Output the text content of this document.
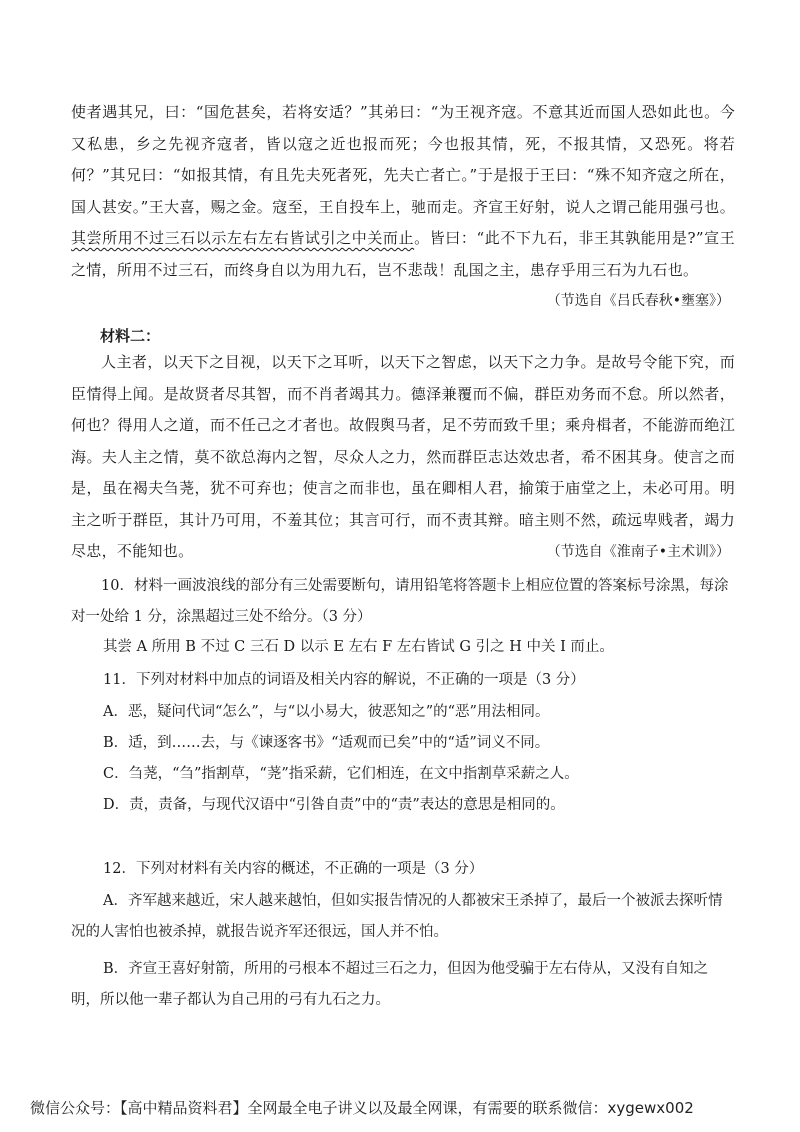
使者遇其兄，曰：“国危甚矣，若将安适？”其弟曰：“为王视齐寇。不意其近而国人恐如此也。今又私患，乡之先视齐寇者，皆以寇之近也报而死；今也报其情，死，不报其情，又恐死。将若何？”其兄曰：“如报其情，有且先夫死者死，先夫亡者亡。”于是报于王曰：“殊不知齐寇之所在，国人甚安。”王大喜，赐之金。寇至，王自投车上，驰而走。齐宣王好射，说人之谓己能用强弓也。其尝所用不过三石以示左右左右皆试引之中关而止。皆曰：“此不下九石，非王其孰能用是?”宣王之情，所用不过三石，而终身自以为用九石，岂不悲哉！乱国之主，患存乎用三石为九石也。

（节选自《吕氏春秋•壅塞》）

材料二：

人主者，以天下之目视，以天下之耳听，以天下之智虑，以天下之力争。是故号令能下究，而臣情得上闻。是故贤者尽其智，而不肖者竭其力。德泽兼覆而不偏，群臣劝务而不怠。所以然者，何也？得用人之道，而不任己之才者也。故假舆马者，足不劳而致千里；乘舟楫者，不能游而绝江海。夫人主之情，莫不欲总海内之智，尽众人之力，然而群臣志达效忠者，希不困其身。使言之而是，虽在褐夫刍荛，犹不可弃也；使言之而非也，虽在卿相人君，揄策于庙堂之上，未必可用。明主之听于群臣，其计乃可用，不羞其位；其言可行，而不责其辩。暗主则不然，疏远卑贱者，竭力尽忠，不能知也。	（节选自《淮南子•主术训》）

10．材料一画波浪线的部分有三处需要断句，请用铅笔将答题卡上相应位置的答案标号涂黑，每涂对一处给 1 分，涂黑超过三处不给分。（3 分）

其尝 A 所用 B 不过 C 三石 D 以示 E 左右 F 左右皆试 G 引之 H 中关 I 而止。

11．下列对材料中加点的词语及相关内容的解说，不正确的一项是（3 分）

A．恶，疑问代词“怎么”，与“以小易大，彼恶知之”的“恶”用法相同。

B．适，到……去，与《谏逐客书》“适观而已矣”中的“适”词义不同。

C．刍荛，“刍”指割草，“荛”指采薪，它们相连，在文中指割草采薪之人。

D．责，责备，与现代汉语中“引咎自责”中的“责”表达的意思是相同的。

12．下列对材料有关内容的概述，不正确的一项是（3 分）

A．齐军越来越近，宋人越来越怕，但如实报告情况的人都被宋王杀掉了，最后一个被派去探听情况的人害怕也被杀掉，就报告说齐军还很远，国人并不怕。

B．齐宣王喜好射箭，所用的弓根本不超过三石之力，但因为他受骗于左右侍从，又没有自知之明，所以他一辈子都认为自己用的弓有九石之力。

微信公众号：【高中精品资料君】全网最全电子讲义以及最全网课，有需要的联系微信：xygewx002
